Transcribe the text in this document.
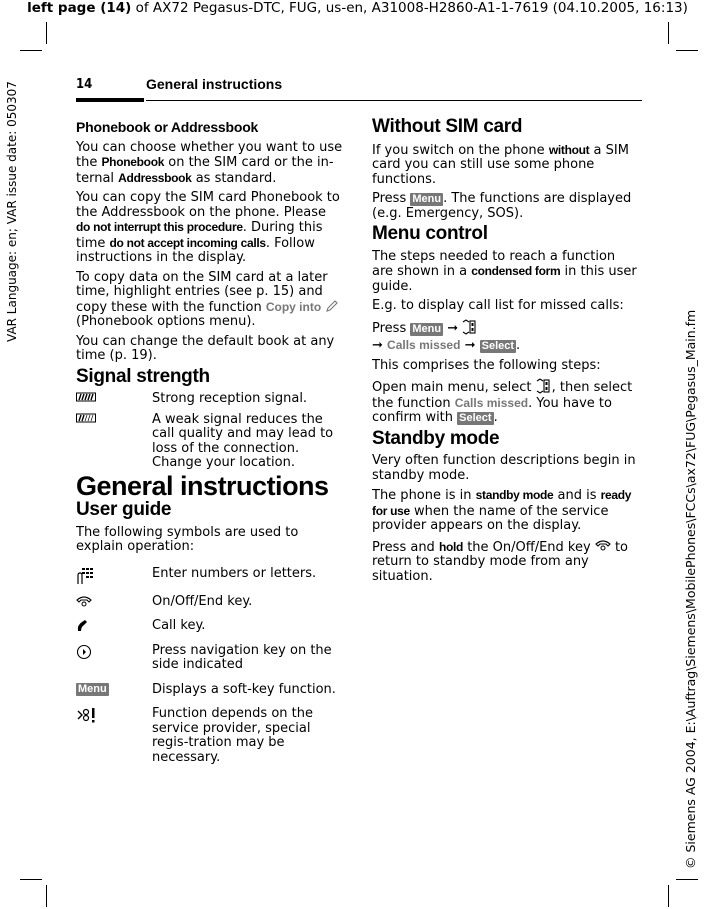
left page (14) of AX72 Pegasus-DTC, FUG, us-en, A31008-H2860-A1-1-7619 (04.10.2005, 16:13)
VAR Language: en; VAR issue date: 050307
© Siemens AG 2004, E:\Auftrag\Siemens\MobilePhones\FCCs\ax72\FUG\Pegasus_Main.fm
14	General instructions
Phonebook or Addressbook

You can choose whether you want to use the Phonebook on the SIM card or the in-ternal Addressbook as standard.

You can copy the SIM card Phonebook to the Addressbook on the phone. Please do not interrupt this procedure. During this time do not accept incoming calls. Follow instructions in the display.

To copy data on the SIM card at a later time, highlight entries (see p. 15) and copy these with the function Copy into  (Phonebook options menu).

You can change the default book at any time (p. 19).

Signal strength
Strong reception signal.
A weak signal reduces the call quality and may lead to loss of the connection. Change your location.
General instructions
User guide

The following symbols are used to explain operation:

Enter numbers or letters.
On/Off/End key.
Call key.
Press navigation key on the side indicated
Menu	Displays a soft-key function.
Function depends on the service provider, special regis-tration may be necessary.
Without SIM card

If you switch on the phone without a SIM card you can still use some phone functions.

Press Menu . The functions are displayed (e.g. Emergency, SOS).

Menu control

The steps needed to reach a function are shown in a condensed form in this user guide.

E.g. to display call list for missed calls:

Press Menu ➞
➞ Calls missed ➞ Select .

This comprises the following steps:

Open main menu, select , then select the function Calls missed. You have to confirm with Select .

Standby mode

Very often function descriptions begin in standby mode.

The phone is in standby mode and is ready for use when the name of the service provider appears on the display.

Press and hold the On/Off/End key  to return to standby mode from any situation.
